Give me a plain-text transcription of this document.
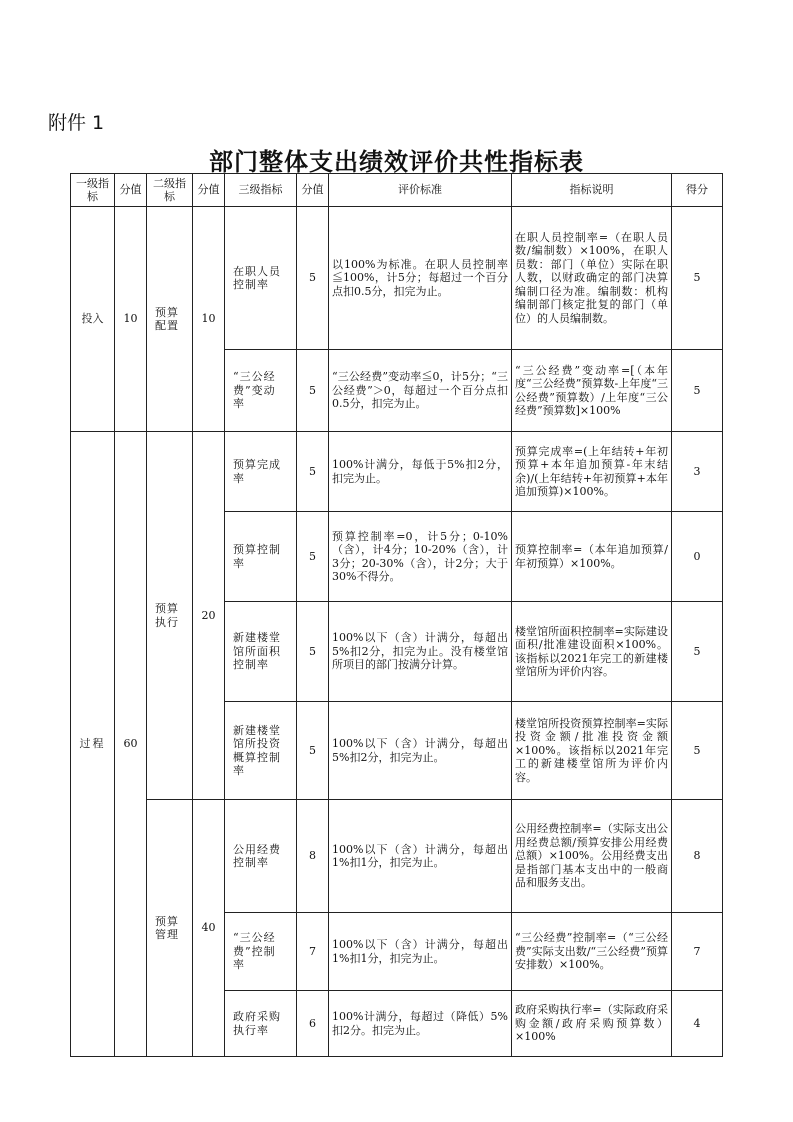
附件 1
部门整体支出绩效评价共性指标表
一级指标	分值	二级指标	分值	三级指标	分值	评价标准	指标说明	得分
投入	10	预算配置	10	在职人员控制率	5	以100%为标准。在职人员控制率≦100%，计5分；每超过一个百分点扣0.5分，扣完为止。	在职人员控制率=（在职人员数/编制数）×100%，在职人员数：部门（单位）实际在职人数，以财政确定的部门决算编制口径为准。编制数：机构编制部门核定批复的部门（单位）的人员编制数。	5
				“三公经费”变动率	5	“三公经费”变动率≦0，计5分；“三公经费”＞0，每超过一个百分点扣0.5分，扣完为止。	“三公经费”变动率=[（本年度“三公经费”预算数-上年度“三公经费”预算数）/上年度“三公经费”预算数]×100%	5
过程	60	预算执行	20	预算完成率	5	100%计满分，每低于5%扣2分，扣完为止。	预算完成率=(上年结转+年初预算+本年追加预算-年末结余)/(上年结转+年初预算+本年追加预算)×100%。	3
				预算控制率	5	预算控制率=0，计5分；0-10%（含），计4分；10-20%（含），计3分；20-30%（含），计2分；大于30%不得分。	预算控制率=（本年追加预算/年初预算）×100%。	0
				新建楼堂馆所面积控制率	5	100%以下（含）计满分，每超出5%扣2分，扣完为止。没有楼堂馆所项目的部门按满分计算。	楼堂馆所面积控制率=实际建设面积/批准建设面积×100%。该指标以2021年完工的新建楼堂馆所为评价内容。	5
				新建楼堂馆所投资概算控制率	5	100%以下（含）计满分，每超出5%扣2分，扣完为止。	楼堂馆所投资预算控制率=实际投资金额/批准投资金额×100%。该指标以2021年完工的新建楼堂馆所为评价内容。	5
		预算管理	40	公用经费控制率	8	100%以下（含）计满分，每超出1%扣1分，扣完为止。	公用经费控制率=（实际支出公用经费总额/预算安排公用经费总额）×100%。公用经费支出是指部门基本支出中的一般商品和服务支出。	8
				“三公经费”控制率	7	100%以下（含）计满分，每超出1%扣1分，扣完为止。	“三公经费”控制率=（“三公经费”实际支出数/“三公经费”预算安排数）×100%。	7
				政府采购执行率	6	100%计满分，每超过（降低）5%扣2分。扣完为止。	政府采购执行率=（实际政府采购金额/政府采购预算数）×100%	4
